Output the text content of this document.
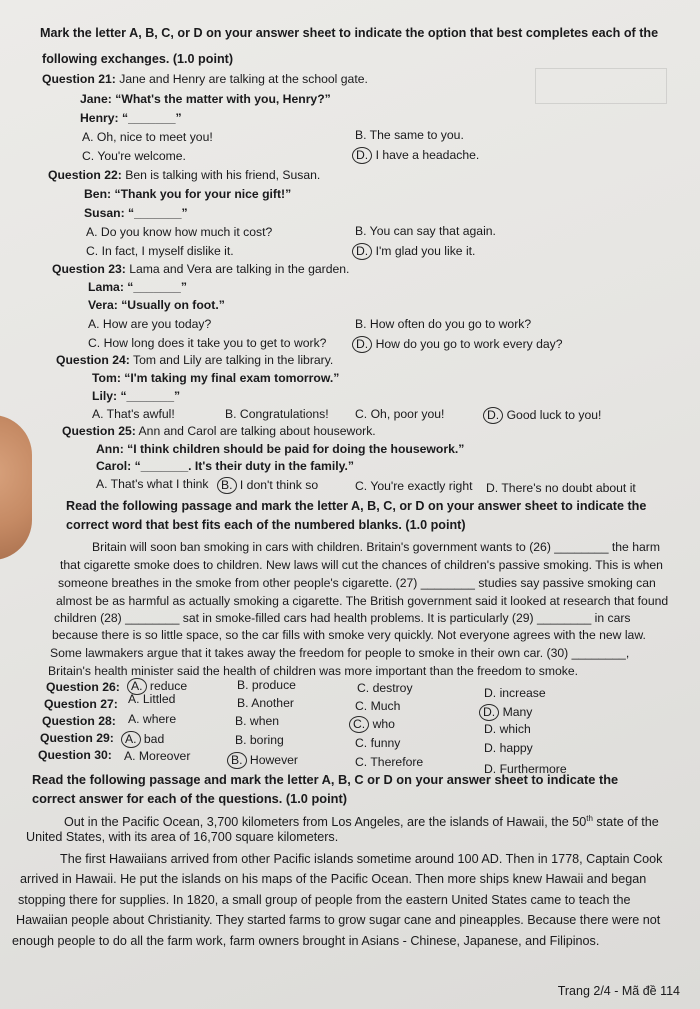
Mark the letter A, B, C, or D on your answer sheet to indicate the option that best completes each of the
following exchanges. (1.0 point)
Question 21: Jane and Henry are talking at the school gate.
Jane: “What's the matter with you, Henry?”
Henry: “_______”
A. Oh, nice to meet you!	B. The same to you.
C. You're welcome.	D. I have a headache.
Question 22: Ben is talking with his friend, Susan.
Ben: “Thank you for your nice gift!”
Susan: “_______”
A. Do you know how much it cost?	B. You can say that again.
C. In fact, I myself dislike it.	D. I'm glad you like it.
Question 23: Lama and Vera are talking in the garden.
Lama: “_______”
Vera: “Usually on foot.”
A. How are you today?	B. How often do you go to work?
C. How long does it take you to get to work? D. How do you go to work every day?
Question 24: Tom and Lily are talking in the library.
Tom: “I'm taking my final exam tomorrow.”
Lily: “_______”
A. That's awful!	B. Congratulations! C. Oh, poor you!	D. Good luck to you!
Question 25: Ann and Carol are talking about housework.
Ann: “I think children should be paid for doing the housework.”
Carol: “_______. It's their duty in the family.”
A. That's what I think B. I don't think so	C. You're exactly right D. There's no doubt about it
Read the following passage and mark the letter A, B, C, or D on your answer sheet to indicate the
correct word that best fits each of the numbered blanks. (1.0 point)
Britain will soon ban smoking in cars with children. Britain's government wants to (26) ________ the harm
that cigarette smoke does to children. New laws will cut the chances of children's passive smoking. This is when
someone breathes in the smoke from other people's cigarette. (27) ________ studies say passive smoking can
almost be as harmful as actually smoking a cigarette. The British government said it looked at research that found
children (28) ________ sat in smoke-filled cars had health problems. It is particularly (29) ________ in cars
because there is so little space, so the car fills with smoke very quickly. Not everyone agrees with the new law.
Some lawmakers argue that it takes away the freedom for people to smoke in their own car. (30) ________,
Britain's health minister said the health of children was more important than the freedom to smoke.
Question 26: A. reduce	B. produce	C. destroy	D. increase
Question 27: A. Littled	B. Another	C. Much	D. Many
Question 28: A. where	B. when	C. who	D. which
Question 29: A. bad	B. boring	C. funny	D. happy
Question 30: A. Moreover	B. However	C. Therefore	D. Furthermore
Read the following passage and mark the letter A, B, C or D on your answer sheet to indicate the
correct answer for each of the questions. (1.0 point)
Out in the Pacific Ocean, 3,700 kilometers from Los Angeles, are the islands of Hawaii, the 50th state of the
United States, with its area of 16,700 square kilometers.
The first Hawaiians arrived from other Pacific islands sometime around 100 AD. Then in 1778, Captain Cook
arrived in Hawaii. He put the islands on his maps of the Pacific Ocean. Then more ships knew Hawaii and began
stopping there for supplies. In 1820, a small group of people from the eastern United States came to teach the
Hawaiian people about Christianity. They started farms to grow sugar cane and pineapples. Because there were not
enough people to do all the farm work, farm owners brought in Asians - Chinese, Japanese, and Filipinos.
Trang 2/4 - Mã đề 114
